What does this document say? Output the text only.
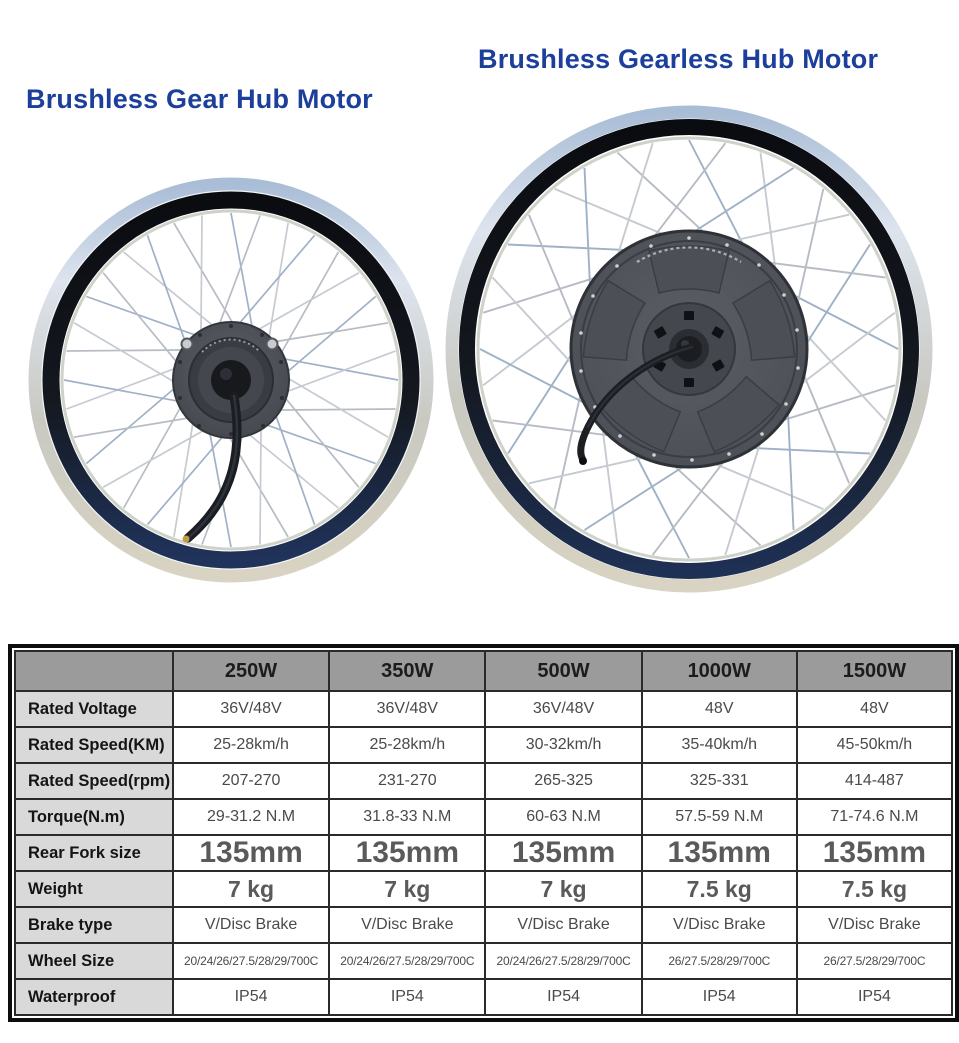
Brushless Gear Hub Motor
Brushless Gearless Hub Motor
	250W	350W	500W	1000W	1500W
Rated Voltage	36V/48V	36V/48V	36V/48V	48V	48V
Rated Speed(KM)	25-28km/h	25-28km/h	30-32km/h	35-40km/h	45-50km/h
Rated Speed(rpm)	207-270	231-270	265-325	325-331	414-487
Torque(N.m)	29-31.2 N.M	31.8-33 N.M	60-63 N.M	57.5-59 N.M	71-74.6 N.M
Rear Fork size	135mm	135mm	135mm	135mm	135mm
Weight	7 kg	7 kg	7 kg	7.5 kg	7.5 kg
Brake type	V/Disc Brake	V/Disc Brake	V/Disc Brake	V/Disc Brake	V/Disc Brake
Wheel Size	20/24/26/27.5/28/29/700C	20/24/26/27.5/28/29/700C	20/24/26/27.5/28/29/700C	26/27.5/28/29/700C	26/27.5/28/29/700C
Waterproof	IP54	IP54	IP54	IP54	IP54
